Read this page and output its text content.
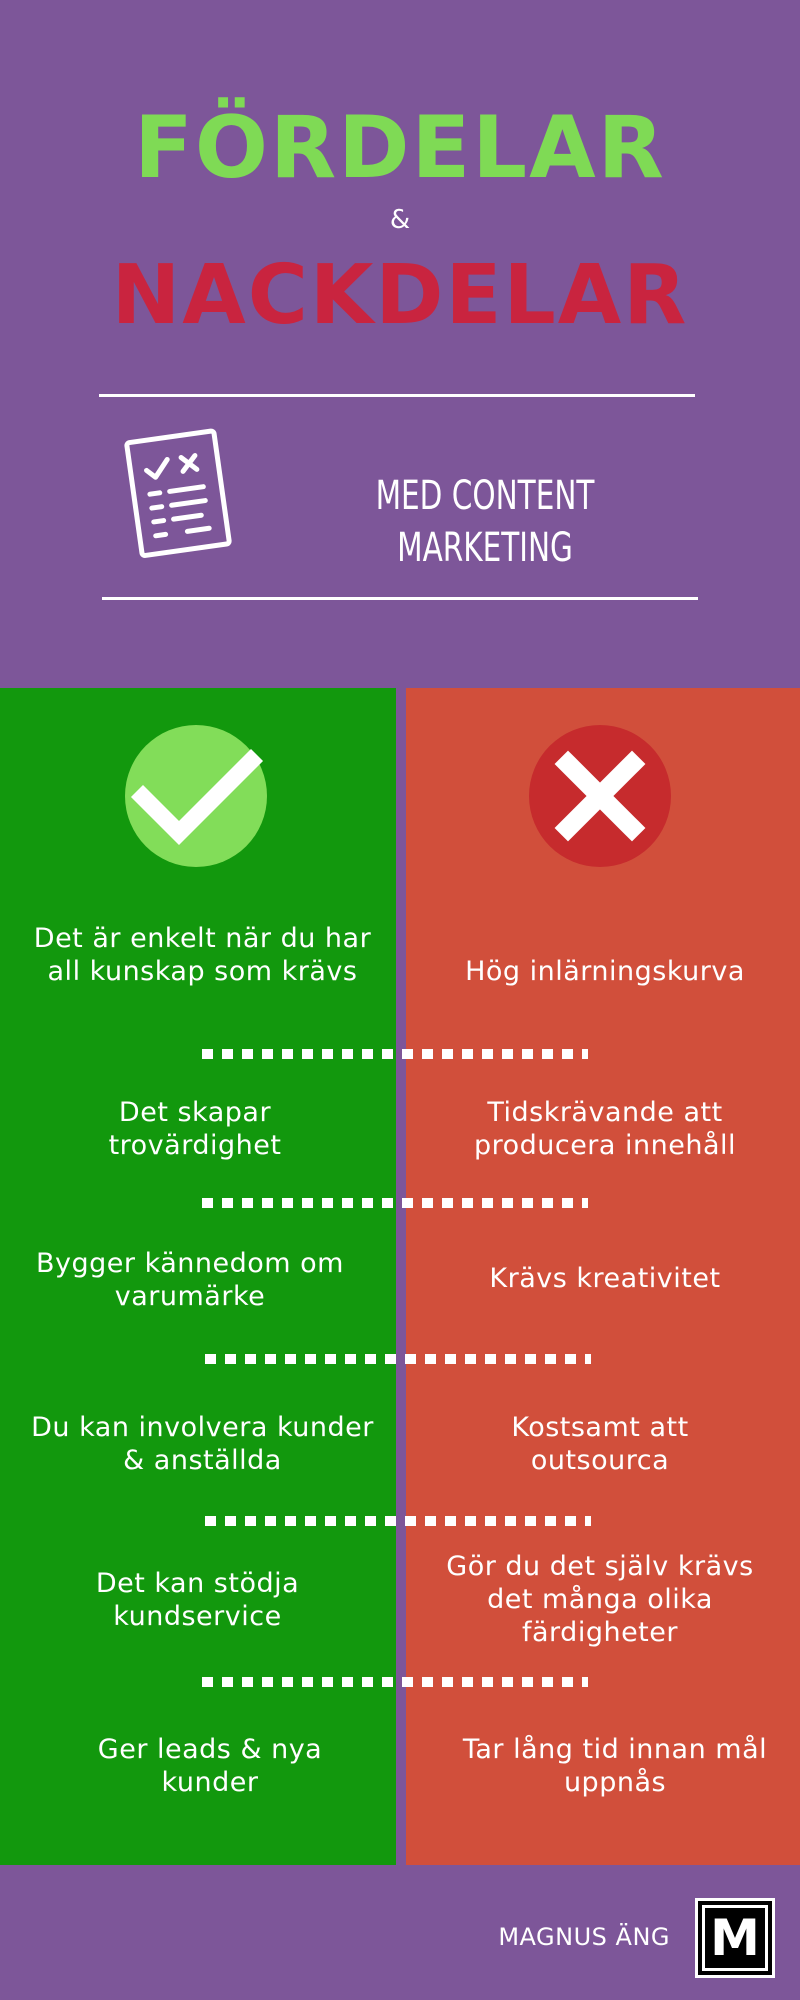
FÖRDELAR
&
NACKDELAR
MED CONTENT MARKETING
Det är enkelt när du har all kunskap som krävs	Hög inlärningskurva
Det skapar trovärdighet
Tidskrävande att producera innehåll
Bygger kännedom om varumärke
Krävs kreativitet
Du kan involvera kunder & anställda
Kostsamt att outsourca
Det kan stödja kundservice
Gör du det själv krävs det många olika färdigheter
Ger leads & nya kunder
Tar lång tid innan mål uppnås
MAGNUS ÄNG M
